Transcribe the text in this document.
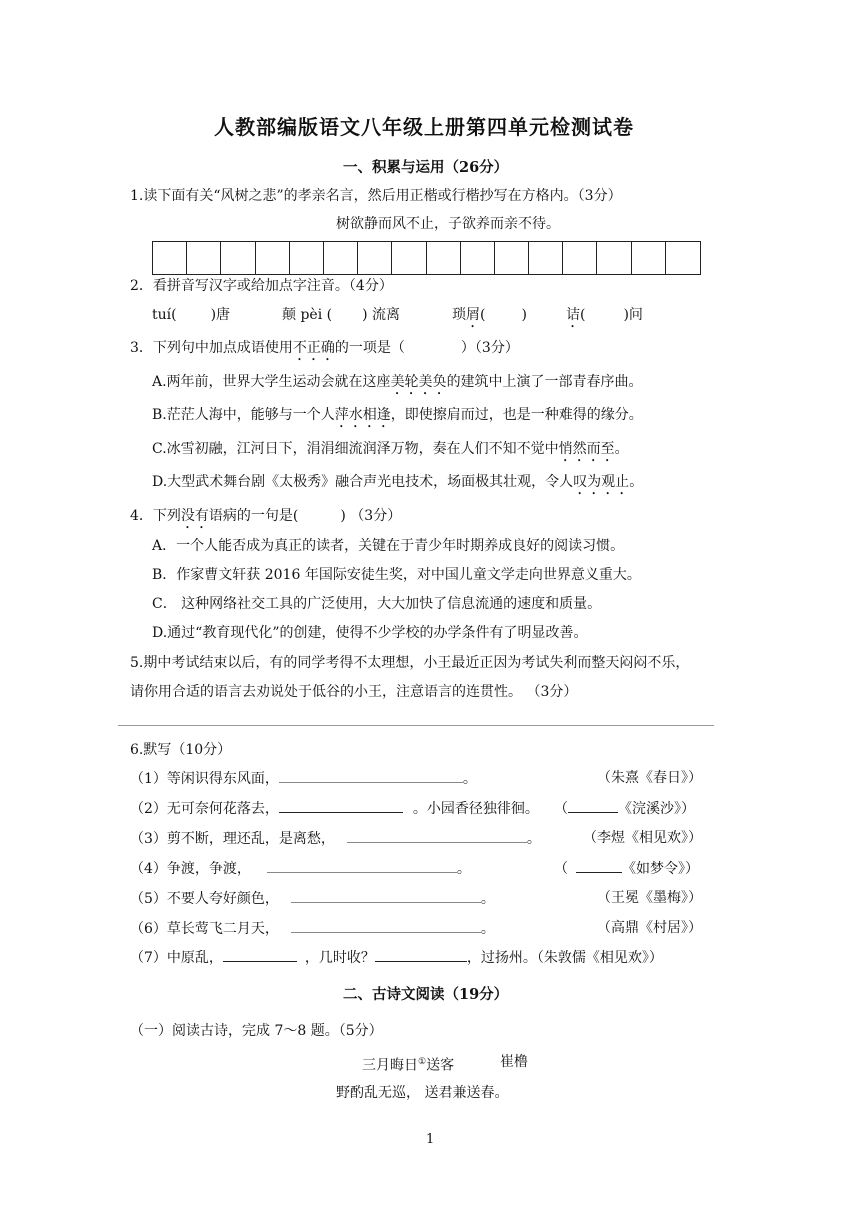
人教部编版语文八年级上册第四单元检测试卷
一、积累与运用（26分）
1.读下面有关“风树之悲”的孝亲名言，然后用正楷或行楷抄写在方格内。（3分）
树欲静而风不止，子欲养而亲不待。
2．看拼音写汉字或给加点字注音。（4分）
tuí( )唐	颠 pèi ( ) 流离	琐屑(	)	诘(	)问
3．下列句中加点成语使用不正确的一项是（	）（3分）
A.两年前，世界大学生运动会就在这座美轮美奂的建筑中上演了一部青春序曲。
B.茫茫人海中，能够与一个人萍水相逢，即使擦肩而过，也是一种难得的缘分。
C.冰雪初融，江河日下，涓涓细流润泽万物，奏在人们不知不觉中悄然而至。
D.大型武术舞台剧《太极秀》融合声光电技术，场面极其壮观，令人叹为观止。
4．下列没有语病的一句是(	) （3分）
A．一个人能否成为真正的读者，关键在于青少年时期养成良好的阅读习惯。
B．作家曹文轩获 2016 年国际安徒生奖，对中国儿童文学走向世界意义重大。
C． 这种网络社交工具的广泛使用，大大加快了信息流通的速度和质量。
D.通过“教育现代化”的创建，使得不少学校的办学条件有了明显改善。
5.期中考试结束以后，有的同学考得不太理想，小王最近正因为考试失利而整天闷闷不乐，
请你用合适的语言去劝说处于低谷的小王，注意语言的连贯性。 （3分）
6.默写（10分）
（1）等闲识得东风面，	。	（朱熹《春日》）
（2）无可奈何花落去，	。小园香径独徘徊。 （	《浣溪沙》）
（3）剪不断，理还乱，是离愁，	。	（李煜《相见欢》）
（4）争渡，争渡，	。	（	《如梦令》）
（5）不要人夸好颜色，	。	（王冕《墨梅》）
（6）草长莺飞二月天，	。	（高鼎《村居》）
（7）中原乱，	，几时收？	，过扬州。（朱敦儒《相见欢》）
二、古诗文阅读（19分）
（一）阅读古诗，完成 7～8 题。（5分）
三月晦日①送客	崔橹
野酌乱无巡， 送君兼送春。
1
